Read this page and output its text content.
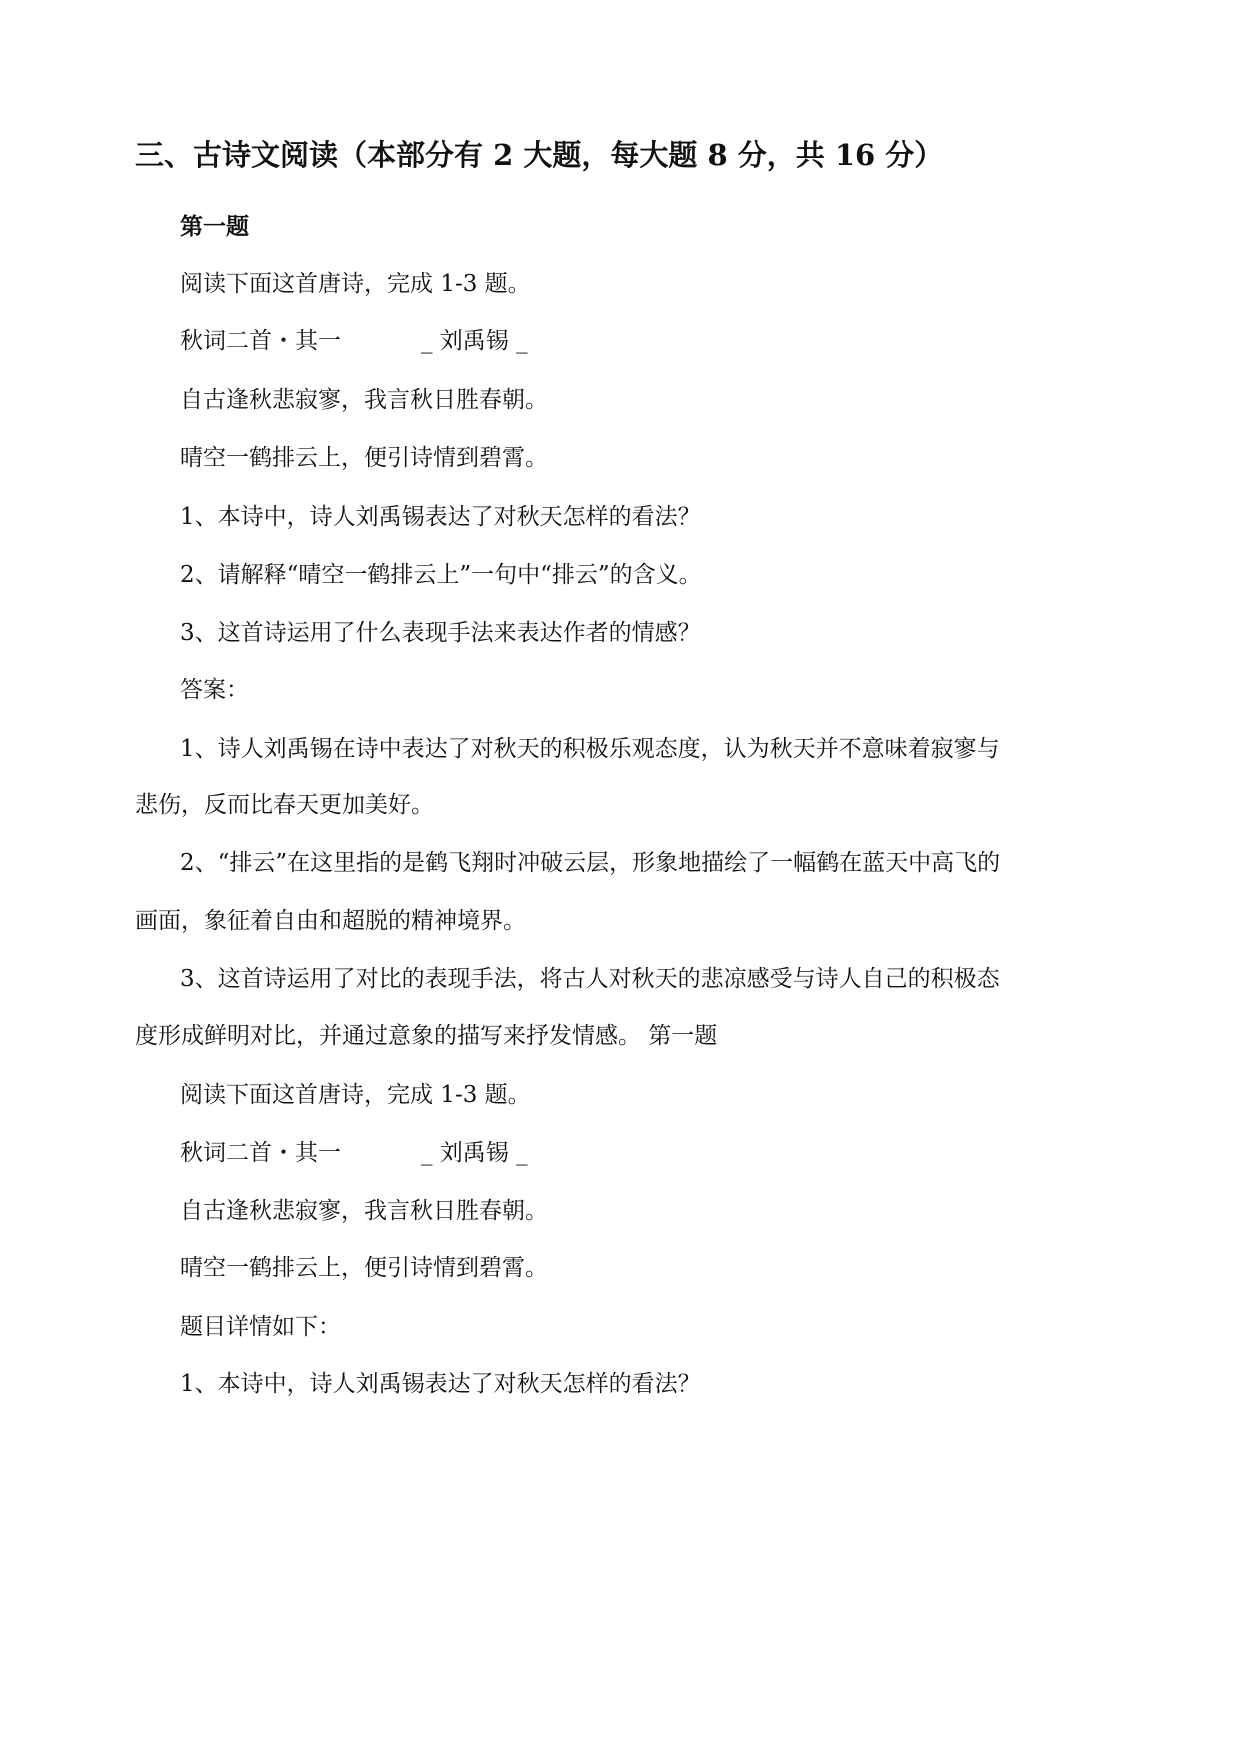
三、古诗文阅读（本部分有 2 大题，每大题 8 分，共 16 分）
第一题
阅读下面这首唐诗，完成 1-3 题。
秋词二首・其一	_ 刘禹锡 _
自古逢秋悲寂寥，我言秋日胜春朝。
晴空一鹤排云上，便引诗情到碧霄。
1、本诗中，诗人刘禹锡表达了对秋天怎样的看法？
2、请解释“晴空一鹤排云上”一句中“排云”的含义。
3、这首诗运用了什么表现手法来表达作者的情感？
答案：
1、诗人刘禹锡在诗中表达了对秋天的积极乐观态度，认为秋天并不意味着寂寥与
悲伤，反而比春天更加美好。
2、“排云”在这里指的是鹤飞翔时冲破云层，形象地描绘了一幅鹤在蓝天中高飞的
画面，象征着自由和超脱的精神境界。
3、这首诗运用了对比的表现手法，将古人对秋天的悲凉感受与诗人自己的积极态
度形成鲜明对比，并通过意象的描写来抒发情感。 第一题
阅读下面这首唐诗，完成 1-3 题。
秋词二首・其一	_ 刘禹锡 _
自古逢秋悲寂寥，我言秋日胜春朝。
晴空一鹤排云上，便引诗情到碧霄。
题目详情如下：
1、本诗中，诗人刘禹锡表达了对秋天怎样的看法？
